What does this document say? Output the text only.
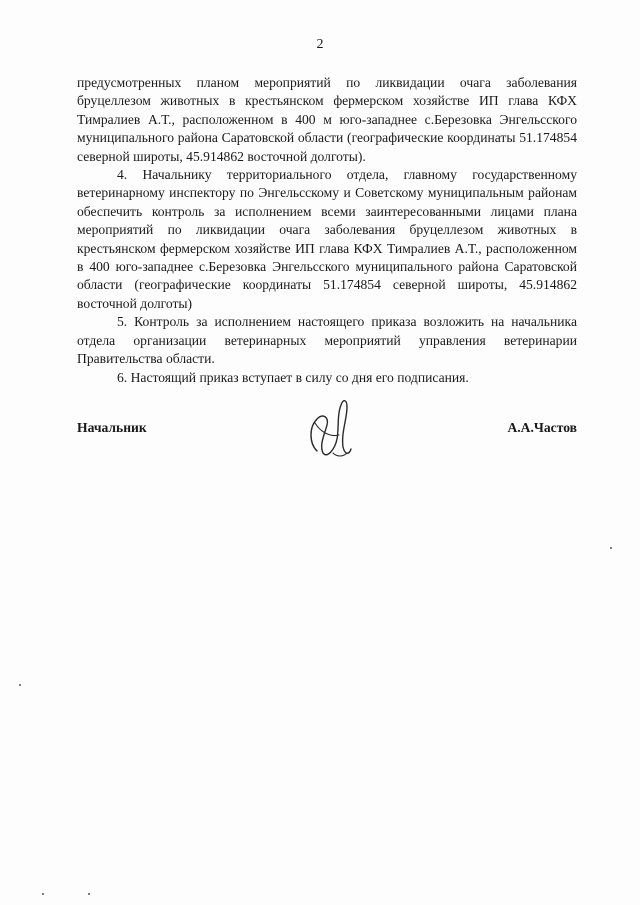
2

предусмотренных планом мероприятий по ликвидации очага заболевания бруцеллезом животных в крестьянском фермерском хозяйстве ИП глава КФХ Тимралиев А.Т., расположенном в 400 м юго-западнее с.Березовка Энгельсского муниципального района Саратовской области (географические координаты 51.174854 северной широты, 45.914862 восточной долготы).

4. Начальнику территориального отдела, главному государственному ветеринарному инспектору по Энгельсскому и Советскому муниципальным районам обеспечить контроль за исполнением всеми заинтересованными лицами плана мероприятий по ликвидации очага заболевания бруцеллезом животных в крестьянском фермерском хозяйстве ИП глава КФХ Тимралиев А.Т., расположенном в 400 юго-западнее с.Березовка Энгельсского муниципального района Саратовской области (географические координаты 51.174854 северной широты, 45.914862 восточной долготы)

5. Контроль за исполнением настоящего приказа возложить на начальника отдела организации ветеринарных мероприятий управления ветеринарии Правительства области.

6. Настоящий приказ вступает в силу со дня его подписания.

Начальник	А.А.Частов
